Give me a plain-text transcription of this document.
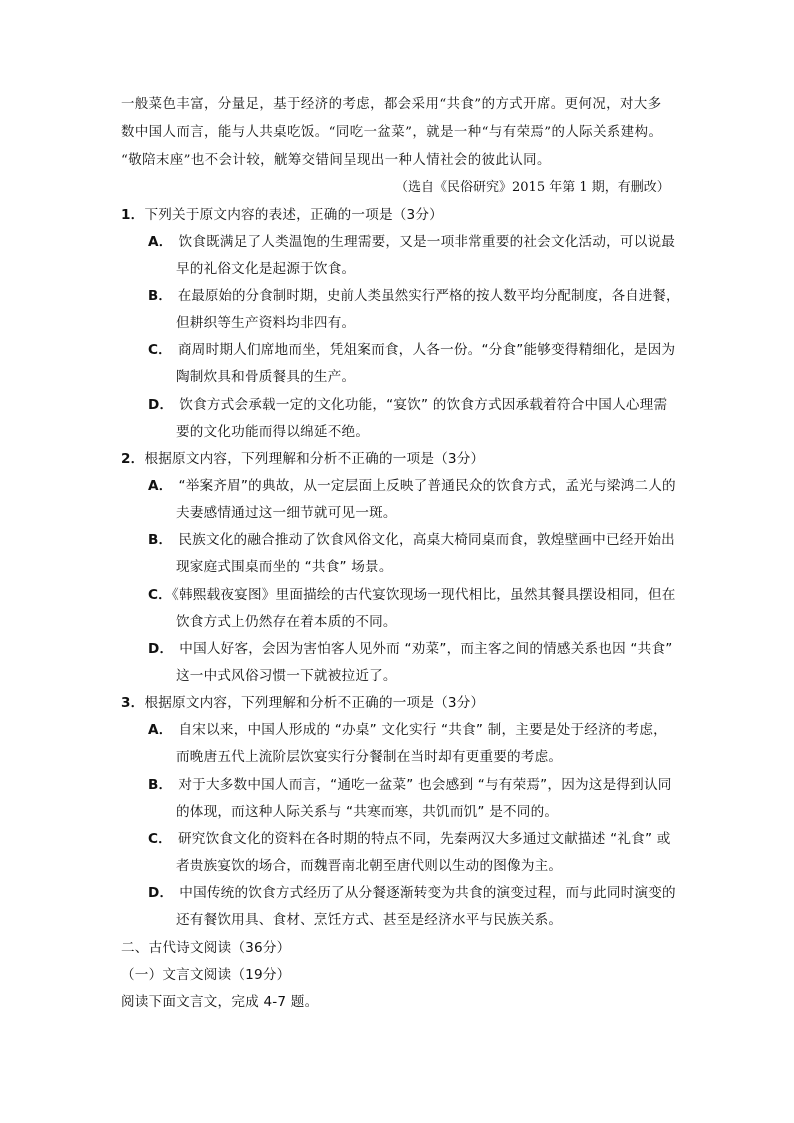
一般菜色丰富，分量足，基于经济的考虑，都会采用“共食”的方式开席。更何况，对大多
数中国人而言，能与人共桌吃饭。“同吃一盆菜”，就是一种“与有荣焉”的人际关系建构。
“敬陪末座”也不会计较，觥筹交错间呈现出一种人情社会的彼此认同。
（选自《民俗研究》2015 年第 1 期，有删改）
1．下列关于原文内容的表述，正确的一项是（3分）
A． 饮食既满足了人类温饱的生理需要，又是一项非常重要的社会文化活动，可以说最
早的礼俗文化是起源于饮食。
B． 在最原始的分食制时期，史前人类虽然实行严格的按人数平均分配制度，各自进餐，
但耕织等生产资料均非四有。
C． 商周时期人们席地而坐，凭俎案而食，人各一份。“分食”能够变得精细化，是因为
陶制炊具和骨质餐具的生产。
D． 饮食方式会承载一定的文化功能，“宴饮” 的饮食方式因承载着符合中国人心理需
要的文化功能而得以绵延不绝。
2．根据原文内容，下列理解和分析不正确的一项是（3分）
A． “举案齐眉”的典故，从一定层面上反映了普通民众的饮食方式，孟光与梁鸿二人的
夫妻感情通过这一细节就可见一斑。
B． 民族文化的融合推动了饮食风俗文化，高桌大椅同桌而食，敦煌壁画中已经开始出
现家庭式围桌而坐的 “共食” 场景。
C．《韩熙载夜宴图》里面描绘的古代宴饮现场一现代相比，虽然其餐具摆设相同，但在
饮食方式上仍然存在着本质的不同。
D． 中国人好客，会因为害怕客人见外而 “劝菜”，而主客之间的情感关系也因 “共食”
这一中式风俗习惯一下就被拉近了。
3．根据原文内容，下列理解和分析不正确的一项是（3分）
A． 自宋以来，中国人形成的 “办桌” 文化实行 “共食” 制，主要是处于经济的考虑，
而晚唐五代上流阶层饮宴实行分餐制在当时却有更重要的考虑。
B． 对于大多数中国人而言，“通吃一盆菜” 也会感到 “与有荣焉”，因为这是得到认同
的体现，而这种人际关系与 “共寒而寒，共饥而饥” 是不同的。
C． 研究饮食文化的资料在各时期的特点不同，先秦两汉大多通过文献描述 “礼食” 或
者贵族宴饮的场合，而魏晋南北朝至唐代则以生动的图像为主。
D． 中国传统的饮食方式经历了从分餐逐渐转变为共食的演变过程，而与此同时演变的
还有餐饮用具、食材、烹饪方式、甚至是经济水平与民族关系。
二、古代诗文阅读（36分）
（一）文言文阅读（19分）
阅读下面文言文，完成 4-7 题。
